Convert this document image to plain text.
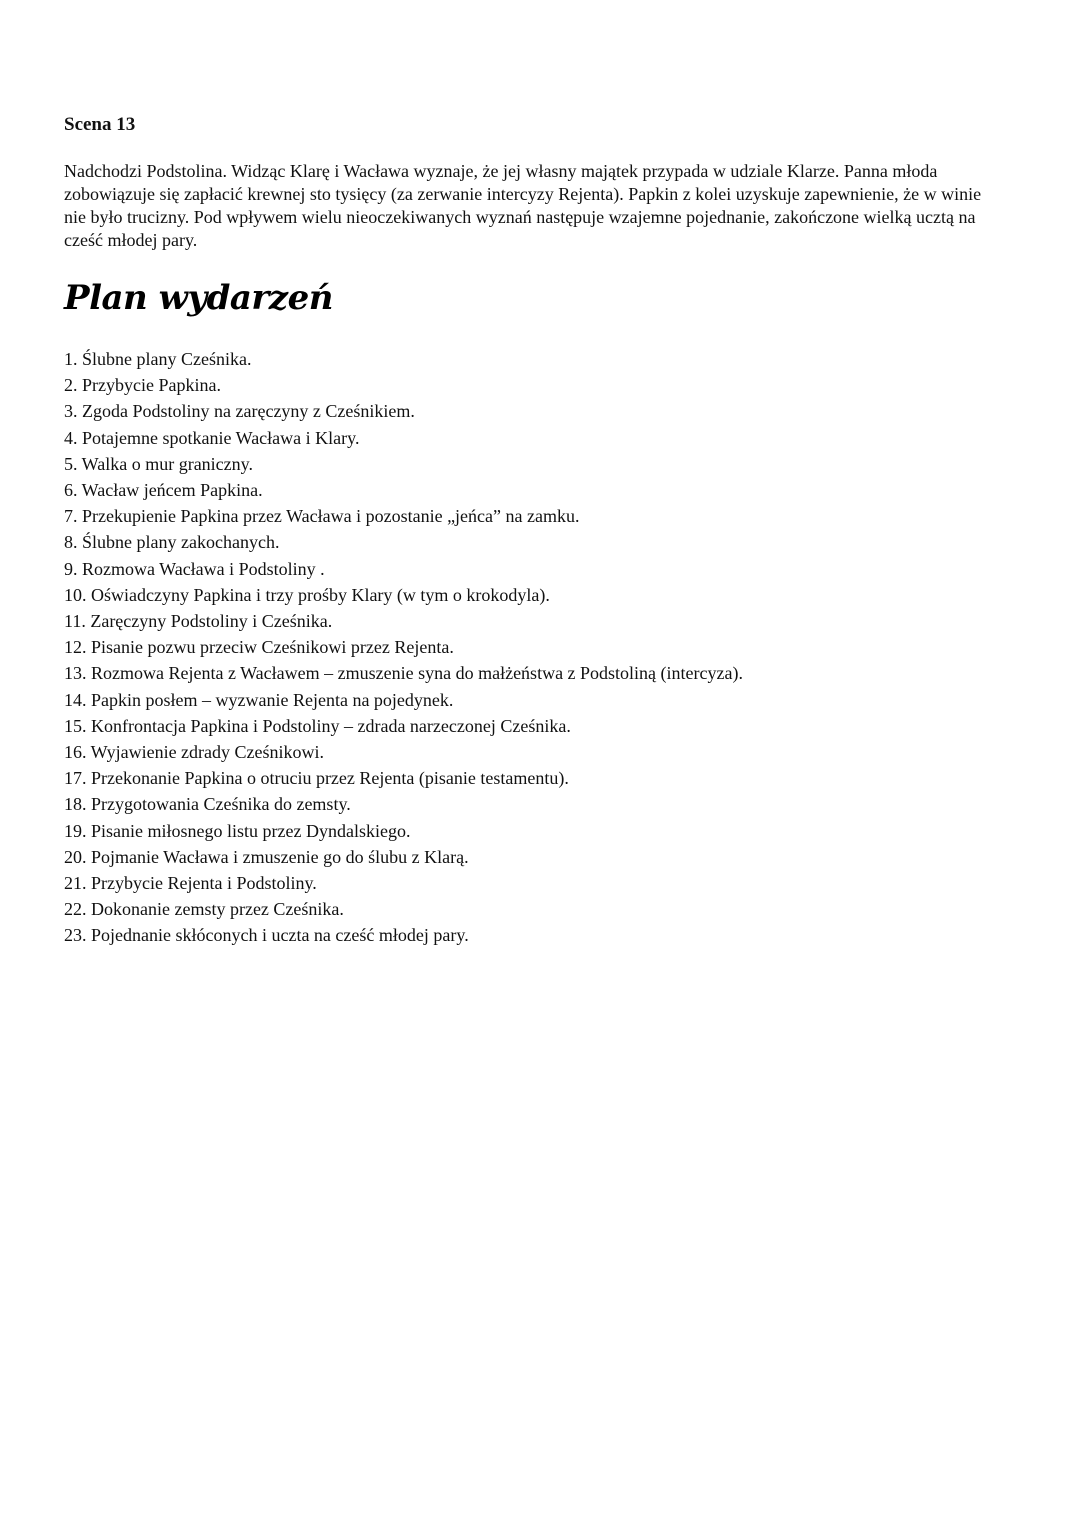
Scena 13

Nadchodzi Podstolina. Widząc Klarę i Wacława wyznaje, że jej własny majątek przypada w udziale Klarze. Panna młoda zobowiązuje się zapłacić krewnej sto tysięcy (za zerwanie intercyzy Rejenta). Papkin z kolei uzyskuje zapewnienie, że w winie nie było trucizny. Pod wpływem wielu nieoczekiwanych wyznań następuje wzajemne pojednanie, zakończone wielką ucztą na cześć młodej pary.

Plan wydarzeń
1. Ślubne plany Cześnika.
2. Przybycie Papkina.
3. Zgoda Podstoliny na zaręczyny z Cześnikiem.
4. Potajemne spotkanie Wacława i Klary.
5. Walka o mur graniczny.
6. Wacław jeńcem Papkina.
7. Przekupienie Papkina przez Wacława i pozostanie „jeńca” na zamku.
8. Ślubne plany zakochanych.
9. Rozmowa Wacława i Podstoliny .
10. Oświadczyny Papkina i trzy prośby Klary (w tym o krokodyla).
11. Zaręczyny Podstoliny i Cześnika.
12. Pisanie pozwu przeciw Cześnikowi przez Rejenta.
13. Rozmowa Rejenta z Wacławem – zmuszenie syna do małżeństwa z Podstoliną (intercyza).
14. Papkin posłem – wyzwanie Rejenta na pojedynek.
15. Konfrontacja Papkina i Podstoliny – zdrada narzeczonej Cześnika.
16. Wyjawienie zdrady Cześnikowi.
17. Przekonanie Papkina o otruciu przez Rejenta (pisanie testamentu).
18. Przygotowania Cześnika do zemsty.
19. Pisanie miłosnego listu przez Dyndalskiego.
20. Pojmanie Wacława i zmuszenie go do ślubu z Klarą.
21. Przybycie Rejenta i Podstoliny.
22. Dokonanie zemsty przez Cześnika.
23. Pojednanie skłóconych i uczta na cześć młodej pary.
